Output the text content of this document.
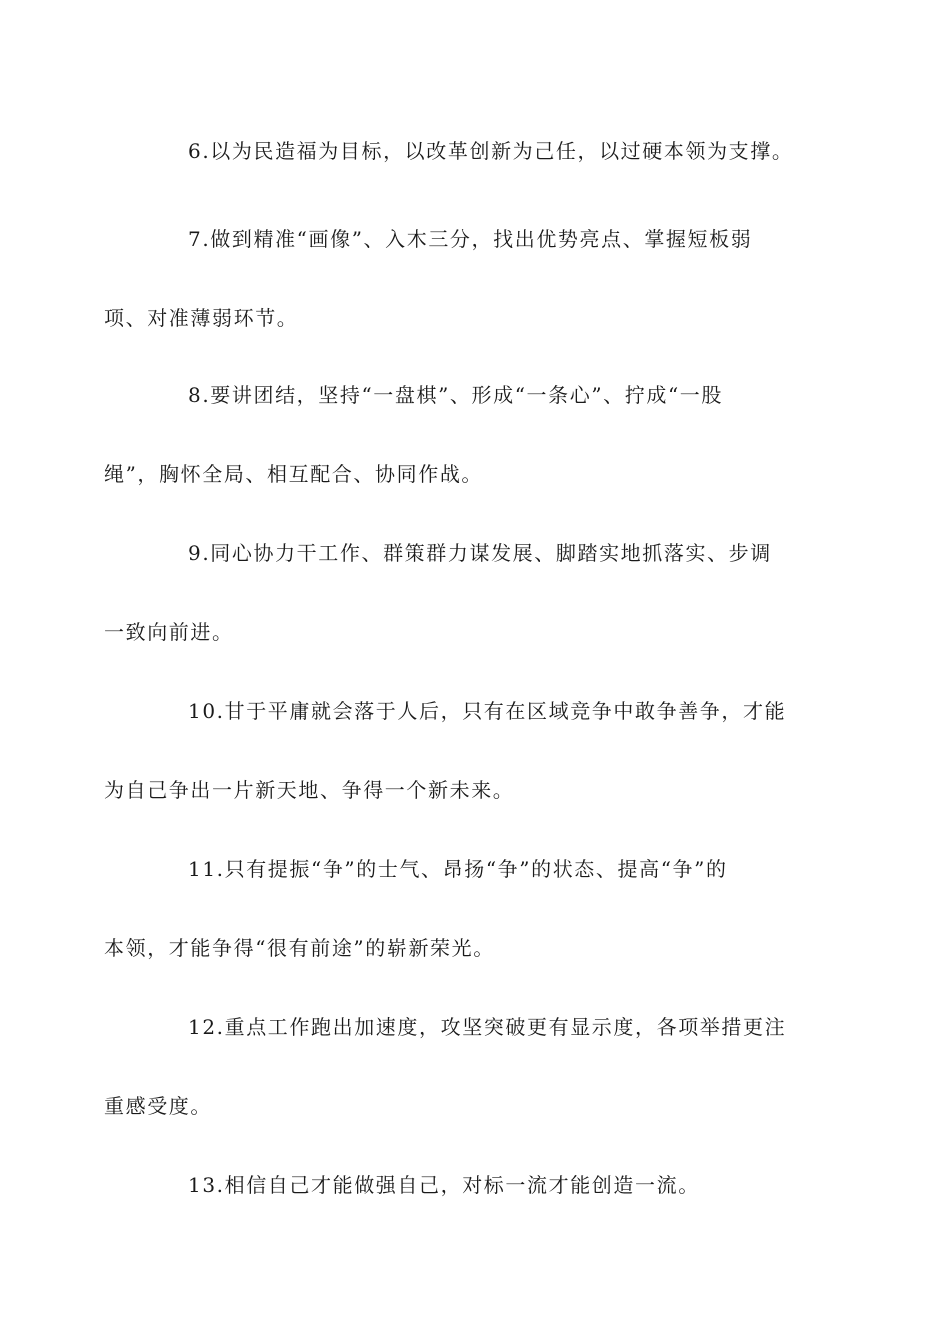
6.以为民造福为目标，以改革创新为己任，以过硬本领为支撑。

7.做到精准“画像”、入木三分，找出优势亮点、掌握短板弱
项、对准薄弱环节。

8.要讲团结，坚持“一盘棋”、形成“一条心”、拧成“一股
绳”，胸怀全局、相互配合、协同作战。

9.同心协力干工作、群策群力谋发展、脚踏实地抓落实、步调
一致向前进。

10.甘于平庸就会落于人后，只有在区域竞争中敢争善争，才能
为自己争出一片新天地、争得一个新未来。

11.只有提振“争”的士气、昂扬“争”的状态、提高“争”的
本领，才能争得“很有前途”的崭新荣光。

12.重点工作跑出加速度，攻坚突破更有显示度，各项举措更注
重感受度。

13.相信自己才能做强自己，对标一流才能创造一流。
